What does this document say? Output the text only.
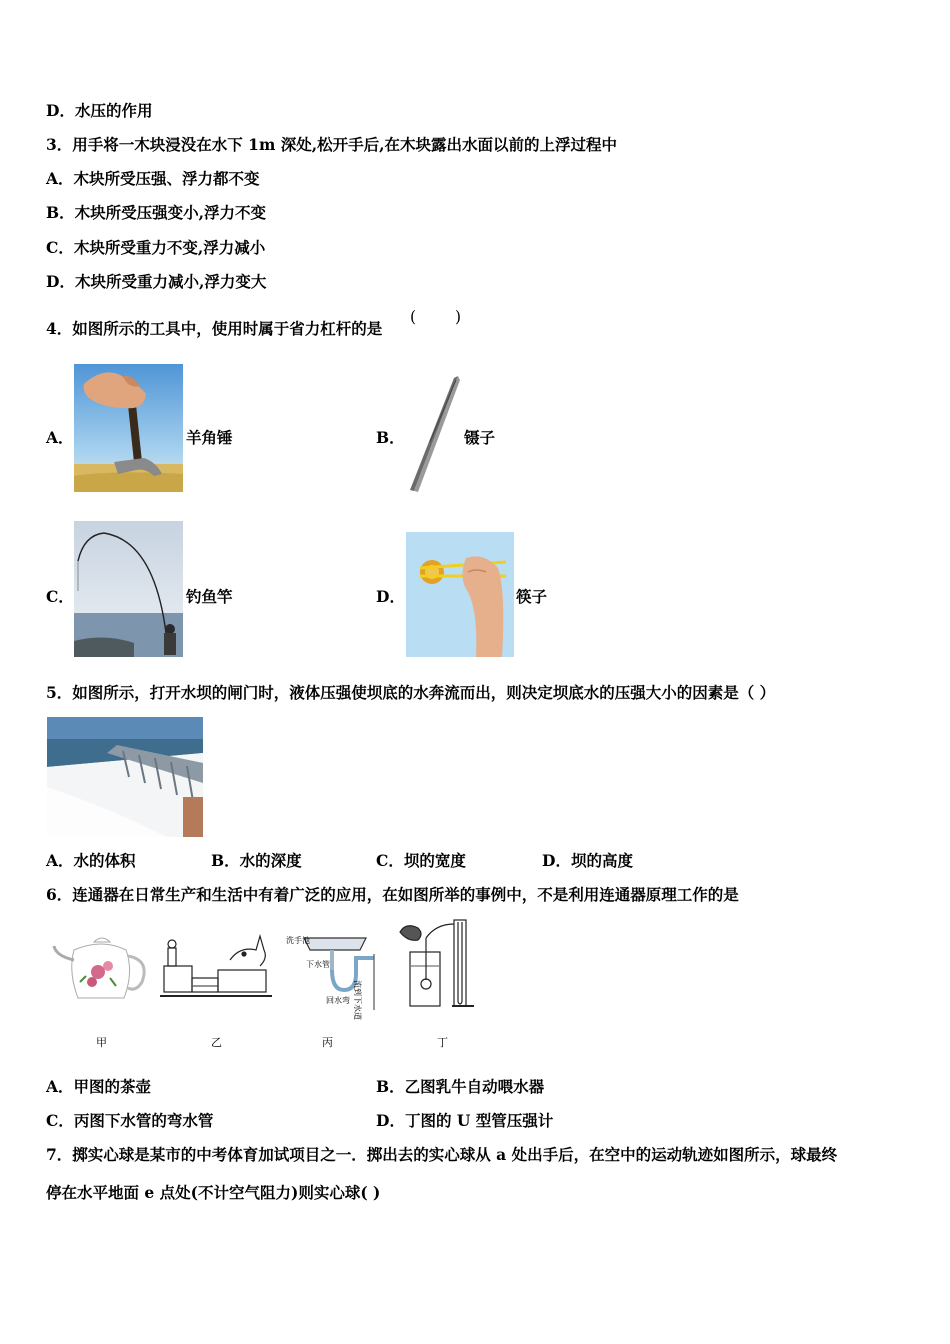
D．水压的作用
3．用手将一木块浸没在水下 1m 深处,松开手后,在木块露出水面以前的上浮过程中
A．木块所受压强、浮力都不变
B．木块所受压强变小,浮力不变
C．木块所受重力不变,浮力减小
D．木块所受重力减小,浮力变大
4．如图所示的工具中，使用时属于省力杠杆的是
(	)
A．	羊角锤	B．	镊子
C．	钓鱼竿	D．	筷子
5．如图所示，打开水坝的闸门时，液体压强使坝底的水奔流而出，则决定坝底水的压强大小的因素是（ ）
A．水的体积	B．水的深度	C．坝的宽度	D．坝的高度
6．连通器在日常生产和生活中有着广泛的应用，在如图所举的事例中，不是利用连通器原理工作的是
甲	乙
洗手池
下水管
回水弯 流到下水道
丙	丁
A．甲图的茶壶	B．乙图乳牛自动喂水器
C．丙图下水管的弯水管	D．丁图的 U 型管压强计
7．掷实心球是某市的中考体育加试项目之一．掷出去的实心球从 a 处出手后，在空中的运动轨迹如图所示，球最终
停在水平地面 e 点处(不计空气阻力)则实心球( )
